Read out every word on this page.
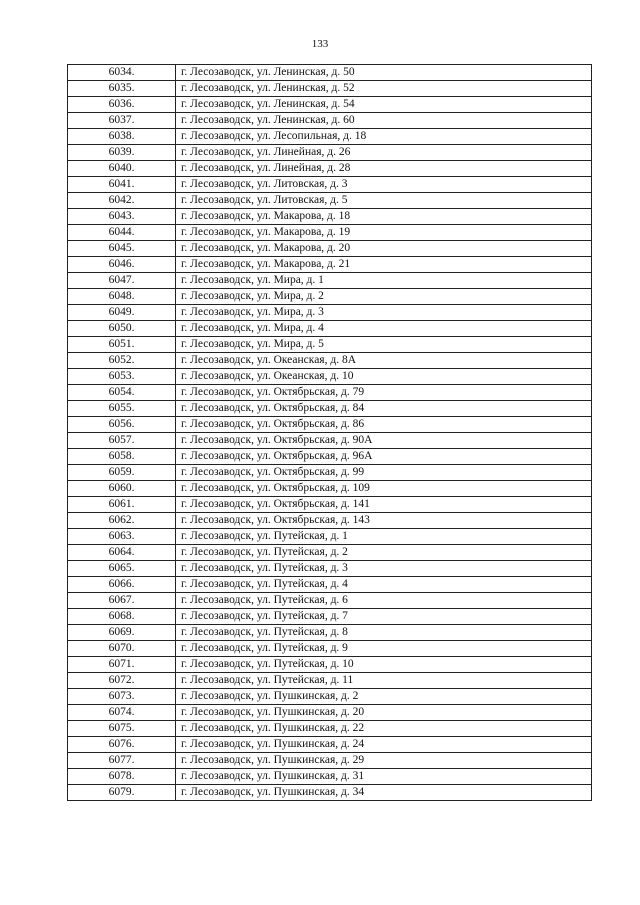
133
6034.	г. Лесозаводск, ул. Ленинская, д. 50
6035.	г. Лесозаводск, ул. Ленинская, д. 52
6036.	г. Лесозаводск, ул. Ленинская, д. 54
6037.	г. Лесозаводск, ул. Ленинская, д. 60
6038.	г. Лесозаводск, ул. Лесопильная, д. 18
6039.	г. Лесозаводск, ул. Линейная, д. 26
6040.	г. Лесозаводск, ул. Линейная, д. 28
6041.	г. Лесозаводск, ул. Литовская, д. 3
6042.	г. Лесозаводск, ул. Литовская, д. 5
6043.	г. Лесозаводск, ул. Макарова, д. 18
6044.	г. Лесозаводск, ул. Макарова, д. 19
6045.	г. Лесозаводск, ул. Макарова, д. 20
6046.	г. Лесозаводск, ул. Макарова, д. 21
6047.	г. Лесозаводск, ул. Мира, д. 1
6048.	г. Лесозаводск, ул. Мира, д. 2
6049.	г. Лесозаводск, ул. Мира, д. 3
6050.	г. Лесозаводск, ул. Мира, д. 4
6051.	г. Лесозаводск, ул. Мира, д. 5
6052.	г. Лесозаводск, ул. Океанская, д. 8А
6053.	г. Лесозаводск, ул. Океанская, д. 10
6054.	г. Лесозаводск, ул. Октябрьская, д. 79
6055.	г. Лесозаводск, ул. Октябрьская, д. 84
6056.	г. Лесозаводск, ул. Октябрьская, д. 86
6057.	г. Лесозаводск, ул. Октябрьская, д. 90А
6058.	г. Лесозаводск, ул. Октябрьская, д. 96А
6059.	г. Лесозаводск, ул. Октябрьская, д. 99
6060.	г. Лесозаводск, ул. Октябрьская, д. 109
6061.	г. Лесозаводск, ул. Октябрьская, д. 141
6062.	г. Лесозаводск, ул. Октябрьская, д. 143
6063.	г. Лесозаводск, ул. Путейская, д. 1
6064.	г. Лесозаводск, ул. Путейская, д. 2
6065.	г. Лесозаводск, ул. Путейская, д. 3
6066.	г. Лесозаводск, ул. Путейская, д. 4
6067.	г. Лесозаводск, ул. Путейская, д. 6
6068.	г. Лесозаводск, ул. Путейская, д. 7
6069.	г. Лесозаводск, ул. Путейская, д. 8
6070.	г. Лесозаводск, ул. Путейская, д. 9
6071.	г. Лесозаводск, ул. Путейская, д. 10
6072.	г. Лесозаводск, ул. Путейская, д. 11
6073.	г. Лесозаводск, ул. Пушкинская, д. 2
6074.	г. Лесозаводск, ул. Пушкинская, д. 20
6075.	г. Лесозаводск, ул. Пушкинская, д. 22
6076.	г. Лесозаводск, ул. Пушкинская, д. 24
6077.	г. Лесозаводск, ул. Пушкинская, д. 29
6078.	г. Лесозаводск, ул. Пушкинская, д. 31
6079.	г. Лесозаводск, ул. Пушкинская, д. 34
